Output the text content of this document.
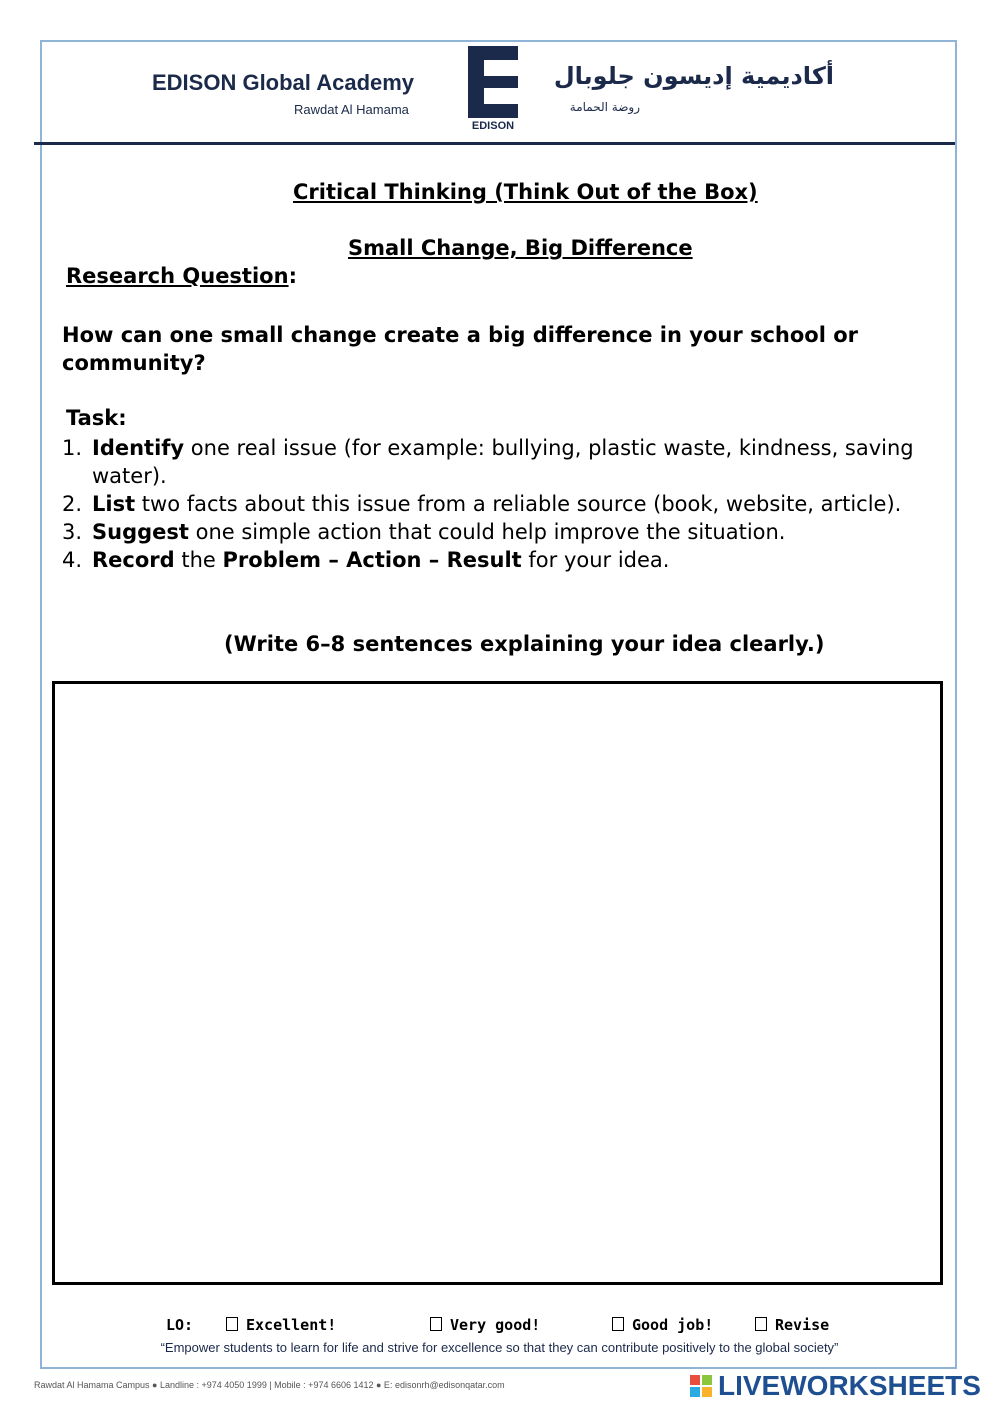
EDISON Global Academy
Rawdat Al Hamama
EDISON
أكاديمية إديسون جلوبال
روضة الحمامة
Critical Thinking (Think Out of the Box)
Small Change, Big Difference
Research Question:
How can one small change create a big difference in your school or community?
Task:
1. Identify one real issue (for example: bullying, plastic waste, kindness, saving water).
2. List two facts about this issue from a reliable source (book, website, article).
3. Suggest one simple action that could help improve the situation.
4. Record the Problem – Action – Result for your idea.
(Write 6–8 sentences explaining your idea clearly.)
LO:	Excellent!	Very good!	Good job!	Revise
“Empower students to learn for life and strive for excellence so that they can contribute positively to the global society”
Rawdat Al Hamama Campus ● Landline : +974 4050 1999 | Mobile : +974 6606 1412 ● E: edisonrh@edisonqatar.com	LIVEWORKSHEETS
